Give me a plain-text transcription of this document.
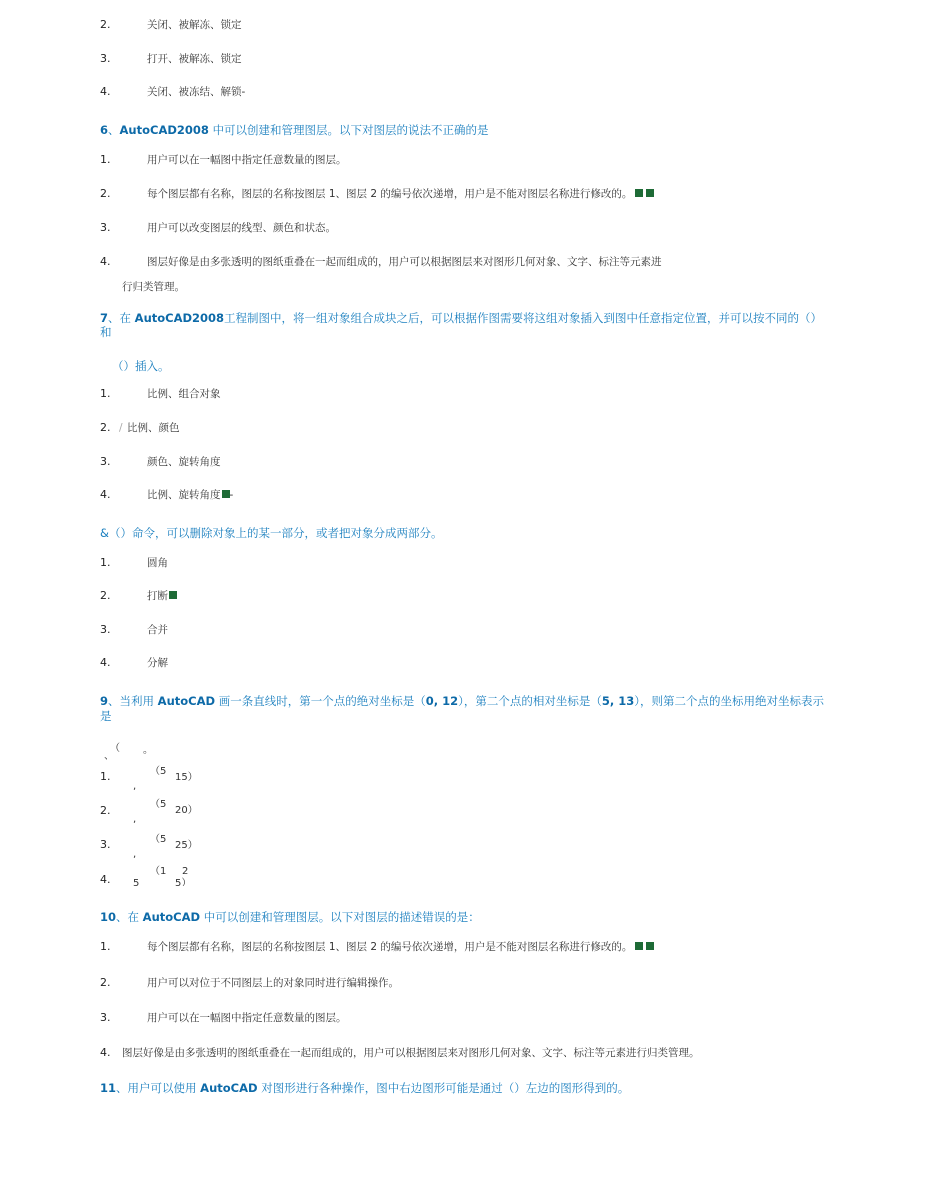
2.	关闭、被解冻、锁定
3.	打开、被解冻、锁定
4.	关闭、被冻结、解锁-
6、AutoCAD2008 中可以创建和管理图层。以下对图层的说法不正确的是
1.	用户可以在一幅图中指定任意数量的图层。
2.	每个图层都有名称，图层的名称按图层 1、图层 2 的编号依次递增，用户是不能对图层名称进行修改的。
3.	用户可以改变图层的线型、颜色和状态。
4.	图层好像是由多张透明的图纸重叠在一起而组成的，用户可以根据图层来对图形几何对象、文字、标注等元素进
行归类管理。
7、在 AutoCAD2008工程制图中，将一组对象组合成块之后，可以根据作图需要将这组对象插入到图中任意指定位置，并可以按不同的（）
和
（）插入。
1.	比例、组合对象
2. / 比例、颜色
3.	颜色、旋转角度
4.	比例、旋转角度 -
&（）命令，可以删除对象上的某一部分，或者把对象分成两部分。
1.	圆角
2.	打断
3.	合并
4.	分解
9、当利用 AutoCAD 画一条直线时，第一个点的绝对坐标是（0, 12），第二个点的相对坐标是（5, 13），则第二个点的坐标用绝对坐标表示
是
（
、
。
1.	（5
15）
,
2.	（5
20）
,
3.	（5
25）
,
4.
（1 2
5	5）
10、在 AutoCAD 中可以创建和管理图层。以下对图层的描述错误的是：
1.	每个图层都有名称，图层的名称按图层 1、图层 2 的编号依次递增，用户是不能对图层名称进行修改的。
2.	用户可以对位于不同图层上的对象同时进行编辑操作。
3.	用户可以在一幅图中指定任意数量的图层。
4. 图层好像是由多张透明的图纸重叠在一起而组成的，用户可以根据图层来对图形几何对象、文字、标注等元素进行归类管理。
11、用户可以使用 AutoCAD 对图形进行各种操作，图中右边图形可能是通过（）左边的图形得到的。
